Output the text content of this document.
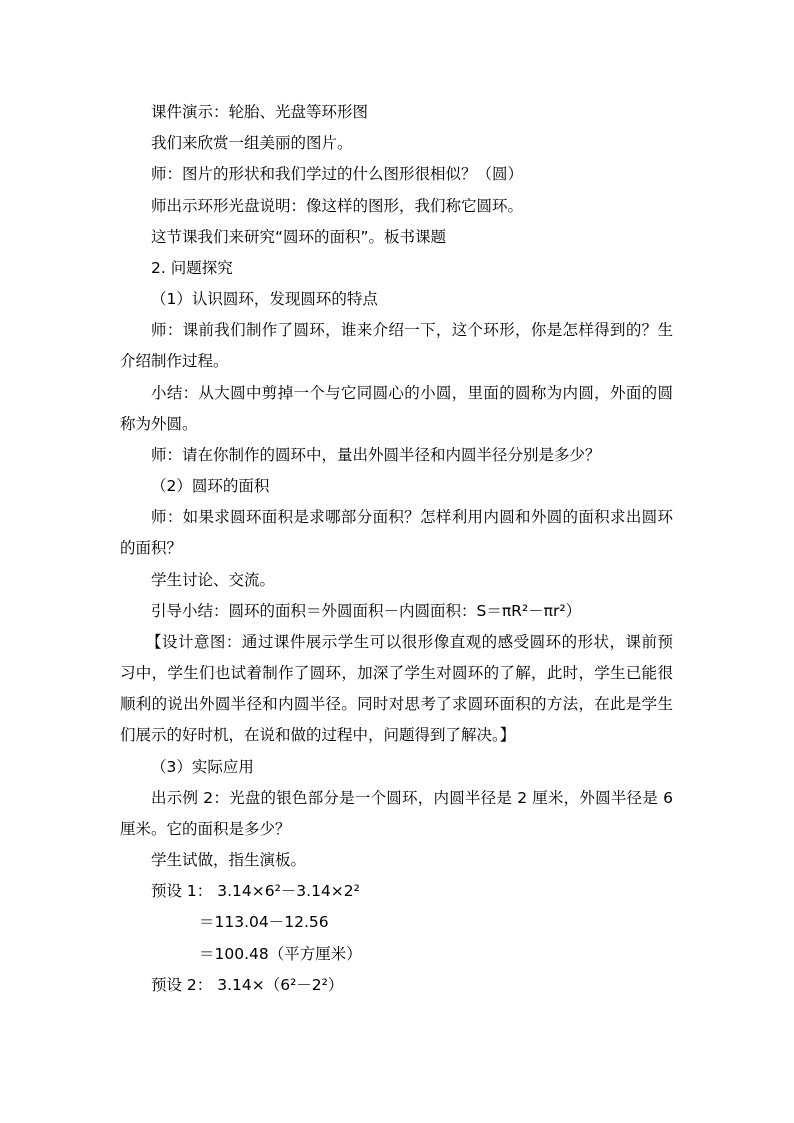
课件演示：轮胎、光盘等环形图
我们来欣赏一组美丽的图片。
师：图片的形状和我们学过的什么图形很相似？（圆）
师出示环形光盘说明：像这样的图形，我们称它圆环。
这节课我们来研究“圆环的面积”。板书课题
2. 问题探究
（1）认识圆环，发现圆环的特点
师：课前我们制作了圆环，谁来介绍一下，这个环形，你是怎样得到的？生
介绍制作过程。
小结：从大圆中剪掉一个与它同圆心的小圆，里面的圆称为内圆，外面的圆
称为外圆。
师：请在你制作的圆环中，量出外圆半径和内圆半径分别是多少？
（2）圆环的面积
师：如果求圆环面积是求哪部分面积？怎样利用内圆和外圆的面积求出圆环
的面积？
学生讨论、交流。
引导小结：圆环的面积＝外圆面积－内圆面积：S＝πR²－πr²）
【设计意图：通过课件展示学生可以很形像直观的感受圆环的形状，课前预
习中，学生们也试着制作了圆环，加深了学生对圆环的了解，此时，学生已能很
顺利的说出外圆半径和内圆半径。同时对思考了求圆环面积的方法，在此是学生
们展示的好时机，在说和做的过程中，问题得到了解决。】
（3）实际应用
出示例 2：光盘的银色部分是一个圆环，内圆半径是 2 厘米，外圆半径是 6
厘米。它的面积是多少？
学生试做，指生演板。
预设 1： 3.14×6²－3.14×2²
＝113.04－12.56
＝100.48（平方厘米）
预设 2： 3.14×（6²－2²）
